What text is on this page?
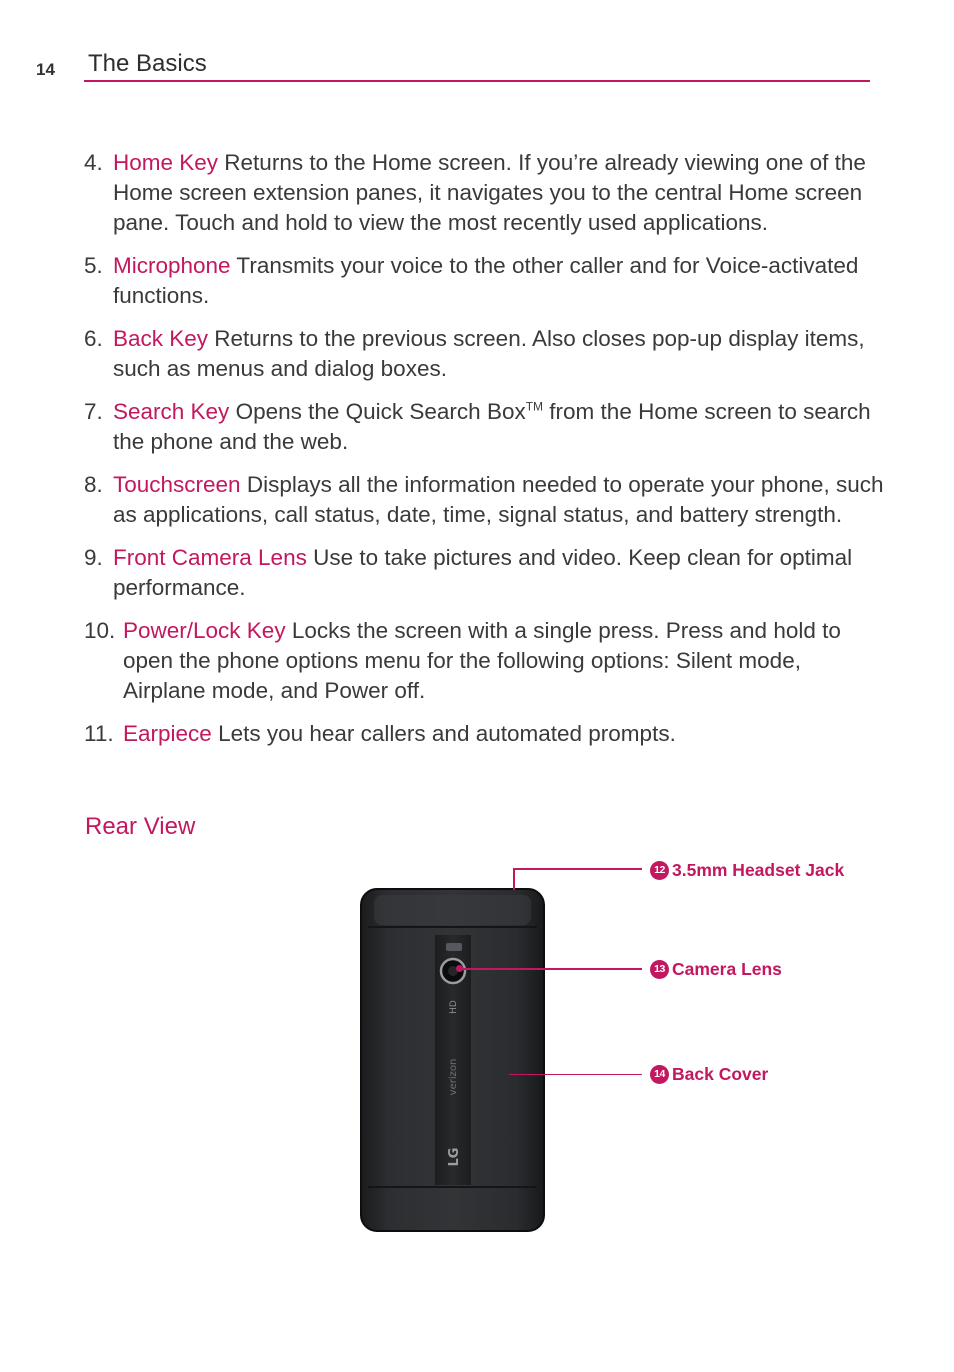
14 The Basics
4. Home Key Returns to the Home screen. If you’re already viewing one of the Home screen extension panes, it navigates you to the central Home screen pane. Touch and hold to view the most recently used applications.
5. Microphone Transmits your voice to the other caller and for Voice-activated functions.
6. Back Key Returns to the previous screen. Also closes pop-up display items, such as menus and dialog boxes.
7. Search Key Opens the Quick Search Box™ from the Home screen to search the phone and the web.
8. Touchscreen Displays all the information needed to operate your phone, such as applications, call status, date, time, signal status, and battery strength.
9. Front Camera Lens Use to take pictures and video. Keep clean for optimal performance.
10. Power/Lock Key Locks the screen with a single press. Press and hold to open the phone options menu for the following options: Silent mode, Airplane mode, and Power off.
11. Earpiece Lets you hear callers and automated prompts.
Rear View
HD
verizon
LG
12 3.5mm Headset Jack
13 Camera Lens
14 Back Cover
